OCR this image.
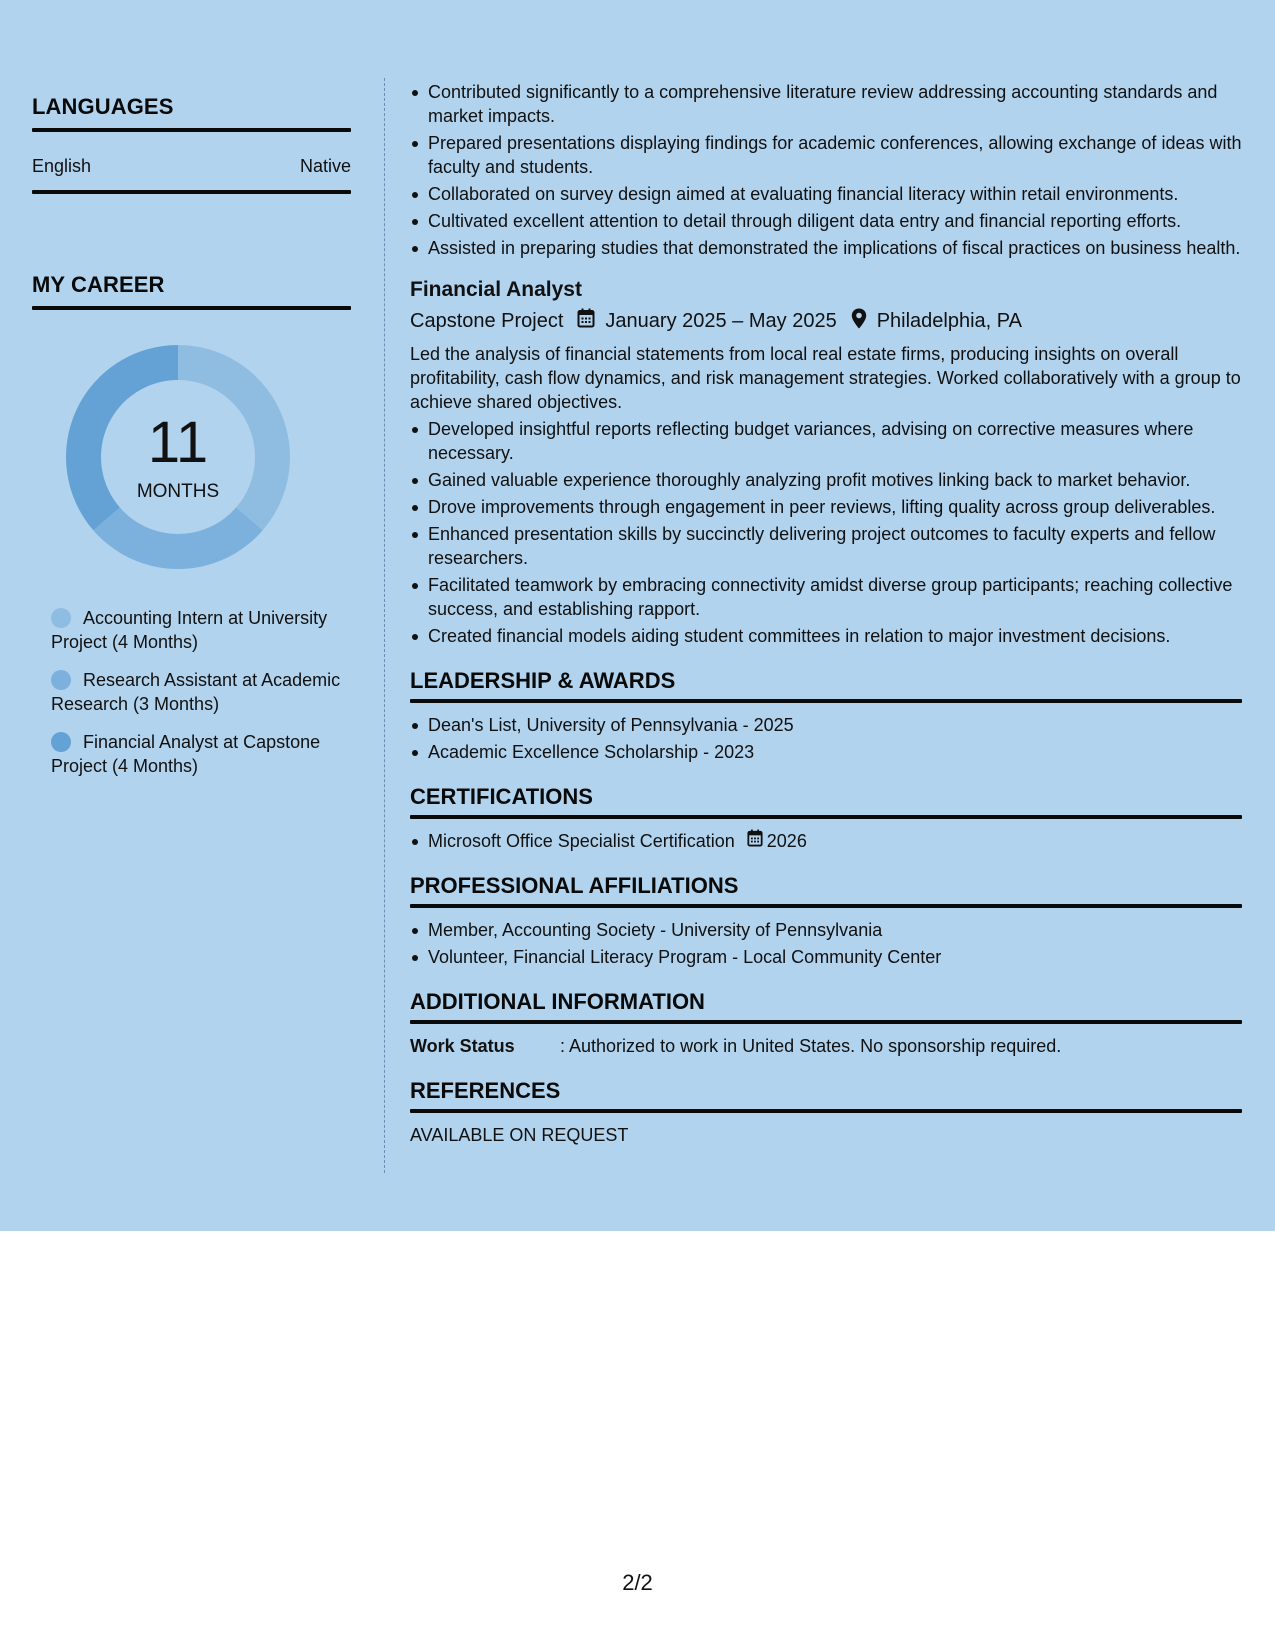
LANGUAGES
English	Native
MY CAREER
11
MONTHS
Accounting Intern at University Project (4 Months)
Research Assistant at Academic Research (3 Months)
Financial Analyst at Capstone Project (4 Months)
Contributed significantly to a comprehensive literature review addressing accounting standards and market impacts.
Prepared presentations displaying findings for academic conferences, allowing exchange of ideas with faculty and students.
Collaborated on survey design aimed at evaluating financial literacy within retail environments.
Cultivated excellent attention to detail through diligent data entry and financial reporting efforts.
Assisted in preparing studies that demonstrated the implications of fiscal practices on business health.
Financial Analyst
Capstone Project January 2025 – May 2025 Philadelphia, PA
Led the analysis of financial statements from local real estate firms, producing insights on overall profitability, cash flow dynamics, and risk management strategies. Worked collaboratively with a group to achieve shared objectives.
Developed insightful reports reflecting budget variances, advising on corrective measures where necessary.
Gained valuable experience thoroughly analyzing profit motives linking back to market behavior.
Drove improvements through engagement in peer reviews, lifting quality across group deliverables.
Enhanced presentation skills by succinctly delivering project outcomes to faculty experts and fellow researchers.
Facilitated teamwork by embracing connectivity amidst diverse group participants; reaching collective success, and establishing rapport.
Created financial models aiding student committees in relation to major investment decisions.
LEADERSHIP & AWARDS
Dean's List, University of Pennsylvania - 2025
Academic Excellence Scholarship - 2023
CERTIFICATIONS
Microsoft Office Specialist Certification 2026
PROFESSIONAL AFFILIATIONS
Member, Accounting Society - University of Pennsylvania
Volunteer, Financial Literacy Program - Local Community Center
ADDITIONAL INFORMATION
Work Status	: Authorized to work in United States. No sponsorship required.
REFERENCES
AVAILABLE ON REQUEST
2/2
